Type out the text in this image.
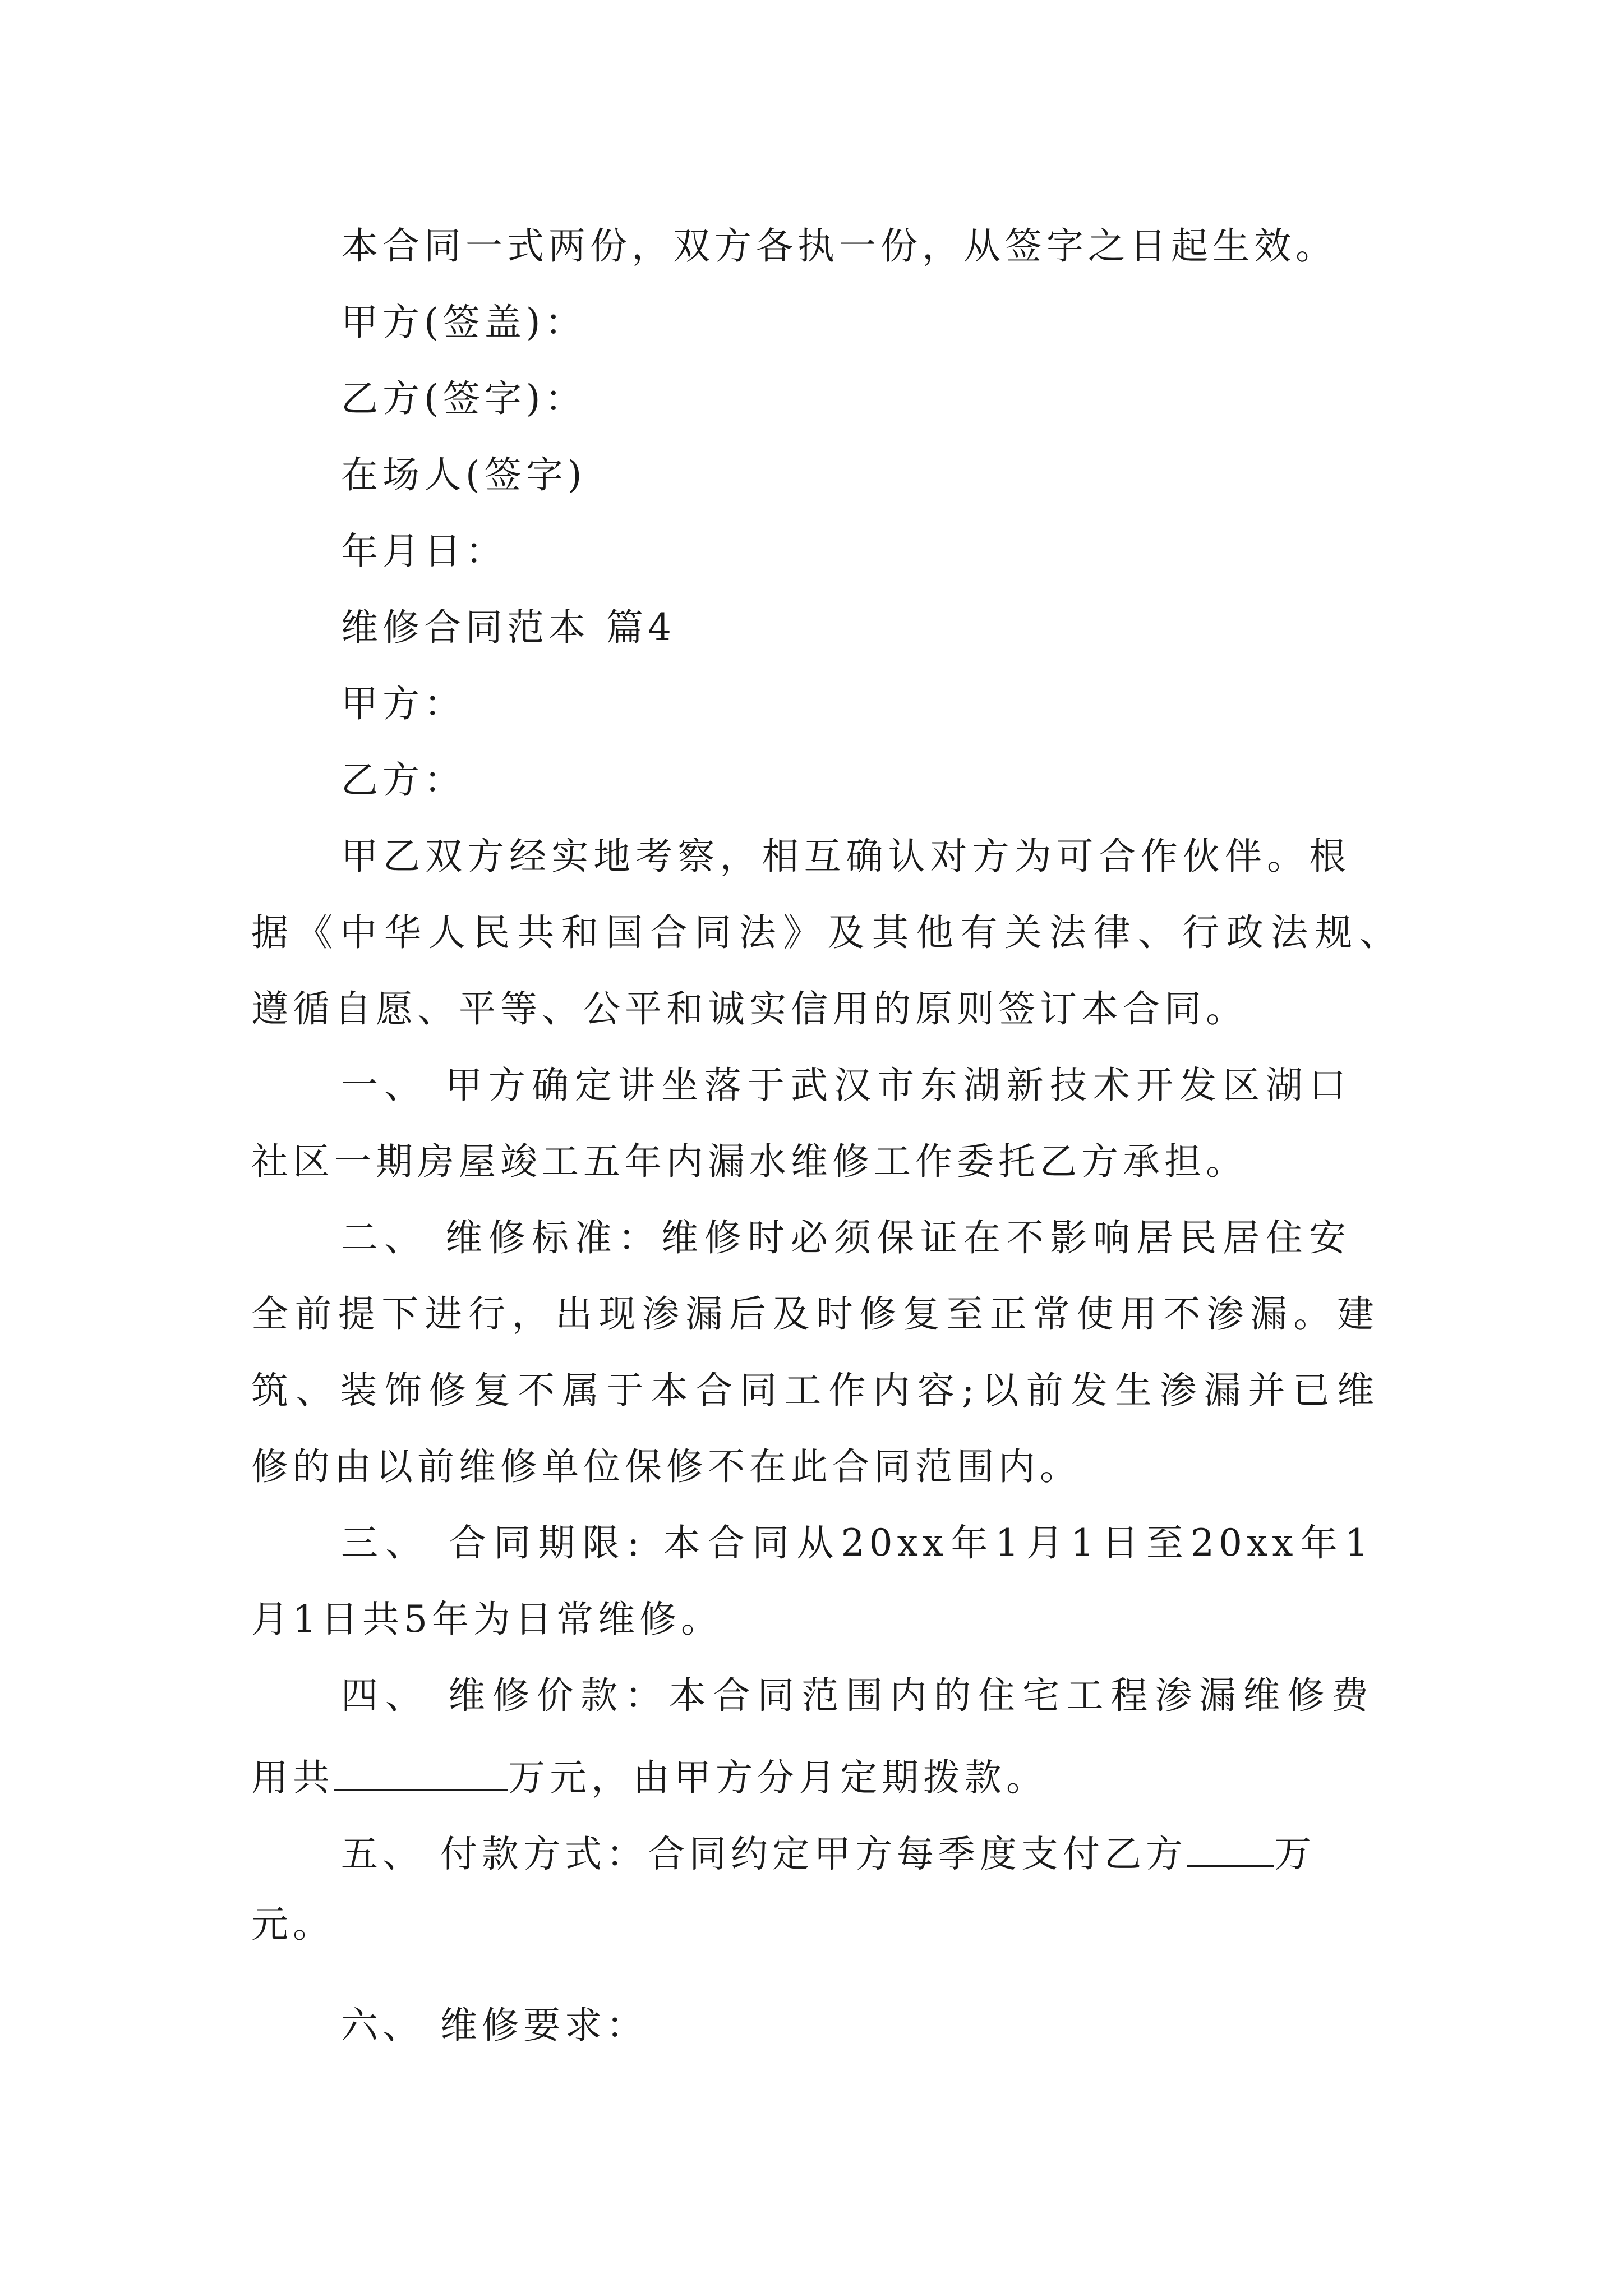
本合同一式两份，双方各执一份，从签字之日起生效。
甲方(签盖)：
乙方(签字)：
在场人(签字)
年月日：
维修合同范本 篇4
甲方：
乙方：
甲乙双方经实地考察，相互确认对方为可合作伙伴。根
据《中华人民共和国合同法》及其他有关法律、行政法规、
遵循自愿、平等、公平和诚实信用的原则签订本合同。
一、 甲方确定讲坐落于武汉市东湖新技术开发区湖口
社区一期房屋竣工五年内漏水维修工作委托乙方承担。
二、 维修标准：维修时必须保证在不影响居民居住安
全前提下进行，出现渗漏后及时修复至正常使用不渗漏。建
筑、装饰修复不属于本合同工作内容;以前发生渗漏并已维
修的由以前维修单位保修不在此合同范围内。
三、 合同期限: 本合同从20xx年1月1日至20xx年1
月1日共5年为日常维修。
四、 维修价款：本合同范围内的住宅工程渗漏维修费
用共	万元，由甲方分月定期拨款。
五、 付款方式：合同约定甲方每季度支付乙方 万
元。
六、 维修要求：
